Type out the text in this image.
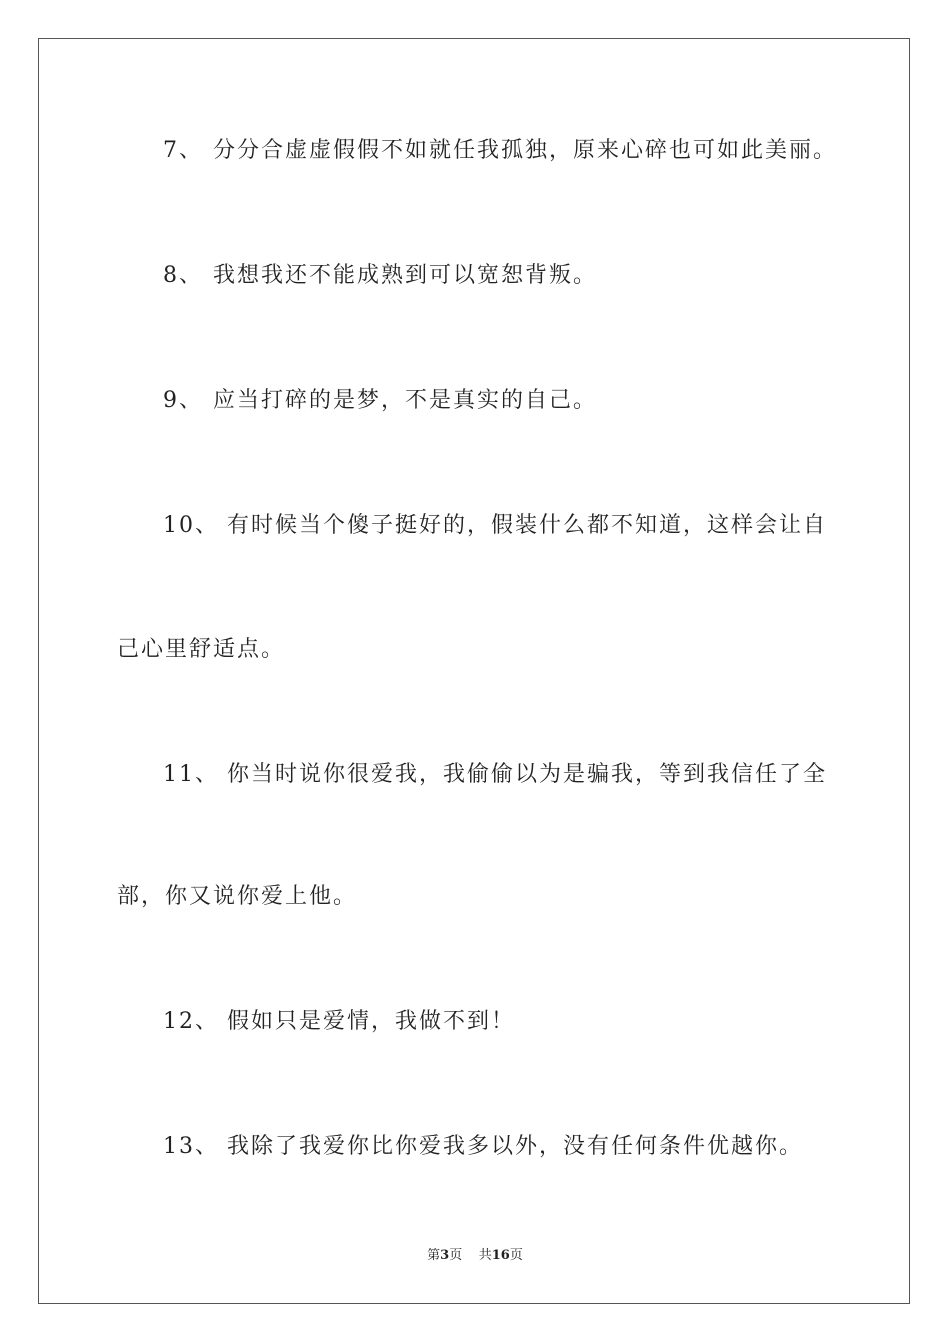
7、 分分合虚虚假假不如就任我孤独，原来心碎也可如此美丽。
8、 我想我还不能成熟到可以宽恕背叛。
9、 应当打碎的是梦，不是真实的自己。
10、 有时候当个傻子挺好的，假装什么都不知道，这样会让自
己心里舒适点。
11、 你当时说你很爱我，我偷偷以为是骗我，等到我信任了全
部，你又说你爱上他。
12、 假如只是爱情，我做不到！
13、 我除了我爱你比你爱我多以外，没有任何条件优越你。
第3页 共16页
